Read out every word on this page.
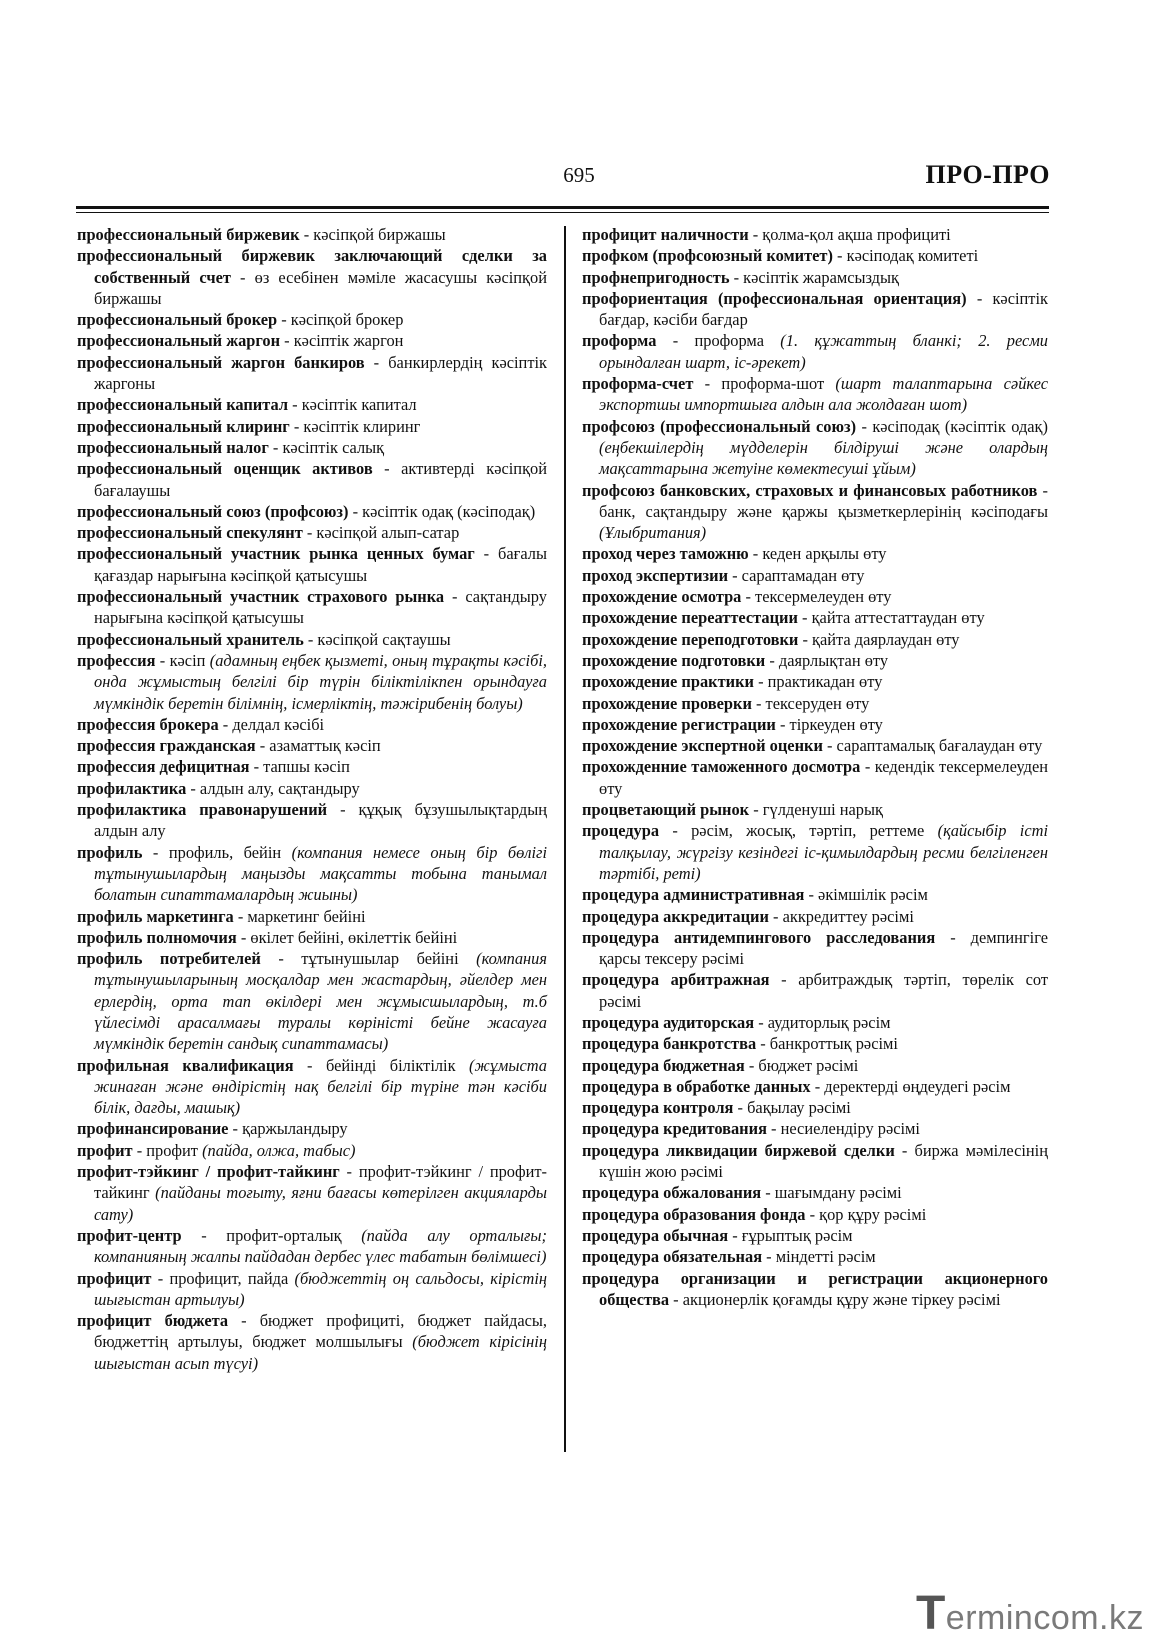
695	ПРО-ПРО

профессиональный биржевик - кәсіпқой биржашы

профессиональный биржевик заключающий сделки за собственный счет - өз есебінен мәміле жасасушы кәсіпқой биржашы

профессиональный брокер - кәсіпқой брокер

профессиональный жаргон - кәсіптік жаргон

профессиональный жаргон банкиров - банкирлердің кәсіптік жаргоны

профессиональный капитал - кәсіптік капитал

профессиональный клиринг - кәсіптік клиринг

профессиональный налог - кәсіптік салық

профессиональный оценщик активов - активтерді кәсіпқой бағалаушы

профессиональный союз (профсоюз) - кәсіптік одақ (кәсіподақ)

профессиональный спекулянт - кәсіпқой алып-сатар

профессиональный участник рынка ценных бумаг - бағалы қағаздар нарығына кәсіпқой қатысушы

профессиональный участник страхового рынка - сақтандыру нарығына кәсіпқой қатысушы

профессиональный хранитель - кәсіпқой сақтаушы

профессия - кәсіп (адамның еңбек қызметі, оның тұрақты кәсібі, онда жұмыстың белгілі бір түрін біліктілікпен орындауға мүмкіндік беретін білімнің, ісмерліктің, тәжірибенің болуы)

профессия брокера - делдал кәсібі

профессия гражданская - азаматтық кәсіп

профессия дефицитная - тапшы кәсіп

профилактика - алдын алу, сақтандыру

профилактика правонарушений - құқық бұзушылықтардың алдын алу

профиль - профиль, бейін (компания немесе оның бір бөлігі тұтынушылардың маңызды мақсатты тобына танымал болатын сипаттамалардың жиыны)

профиль маркетинга - маркетинг бейіні

профиль полномочия - өкілет бейіні, өкілеттік бейіні

профиль потребителей - тұтынушылар бейіні (компания тұтынушыларының мосқалдар мен жастардың, әйелдер мен ерлердің, орта тап өкілдері мен жұмысшылардың, т.б үйлесімді арасалмағы туралы көріністі бейне жасауға мүмкіндік беретін сандық сипаттамасы)

профильная квалификация - бейінді біліктілік (жұмыста жинаған және өндірістің нақ белгілі бір түріне тән кәсіби білік, дағды, машық)

профинансирование - қаржыландыру

профит - профит (пайда, олжа, табыс)

профит-тэйкинг / профит-тайкинг - профит-тэйкинг / профит-тайкинг (пайданы тоғыту, яғни бағасы көтерілген акцияларды сату)

профит-центр - профит-орталық (пайда алу орталығы; компанияның жалпы пайдадан дербес үлес табатын бөлімшесі)

профицит - профицит, пайда (бюджеттің оң сальдосы, кірістің шығыстан артылуы)

профицит бюджета - бюджет профициті, бюджет пайдасы, бюджеттің артылуы, бюджет молшылығы (бюджет кірісінің шығыстан асып түсуі)

профицит наличности - қолма-қол ақша профициті

профком (профсоюзный комитет) - кәсіподақ комитеті

профнепригодность - кәсіптік жарамсыздық

профориентация (профессиональная ориентация) - кәсіптік бағдар, кәсіби бағдар

проформа - проформа (1. құжаттың бланкі; 2. ресми орындалған шарт, іс-әрекет)

проформа-счет - проформа-шот (шарт талаптарына сәйкес экспортшы импортшыға алдын ала жолдаған шот)

профсоюз (профессиональный союз) - кәсіподақ (кәсіптік одақ) (еңбекшілердің мүдделерін білдіруші және олардың мақсаттарына жетуіне көмектесуші ұйым)

профсоюз банковских, страховых и финансовых работников - банк, сақтандыру және қаржы қызметкерлерінің кәсіподағы (Ұлыбритания)

проход через таможню - кеден арқылы өту

проход экспертизии - сараптамадан өту

прохождение осмотра - тексермелеуден өту

прохождение переаттестации - қайта аттестаттаудан өту

прохождение переподготовки - қайта даярлаудан өту

прохождение подготовки - даярлықтан өту

прохождение практики - практикадан өту

прохождение проверки - тексеруден өту

прохождение регистрации - тіркеуден өту

прохождение экспертной оценки - сараптамалық бағалаудан өту

прохожденние таможенного досмотра - кедендік тексермелеуден өту

процветающий рынок - гүлденуші нарық

процедура - рәсім, жосық, тәртіп, реттеме (қайсыбір істі талқылау, жүргізу кезіндегі іс-қимылдардың ресми белгіленген тәртібі, реті)

процедура административная - әкімшілік рәсім

процедура аккредитации - аккредиттеу рәсімі

процедура антидемпингового расследования - демпингіге қарсы тексеру рәсімі

процедура арбитражная - арбитраждық тәртіп, төрелік сот рәсімі

процедура аудиторская - аудиторлық рәсім

процедура банкротства - банкроттық рәсімі

процедура бюджетная - бюджет рәсімі

процедура в обработке данных - деректерді өңдеудегі рәсім

процедура контроля - бақылау рәсімі

процедура кредитования - несиелендіру рәсімі

процедура ликвидации биржевой сделки - биржа мәмілесінің күшін жою рәсімі

процедура обжалования - шағымдану рәсімі

процедура образования фонда - қор құру рәсімі

процедура обычная - ғұрыптық рәсім

процедура обязательная - міндетті рәсім

процедура организации и регистрации акционерного общества - акционерлік қоғамды құру және тіркеу рәсімі

Termincom.kz
